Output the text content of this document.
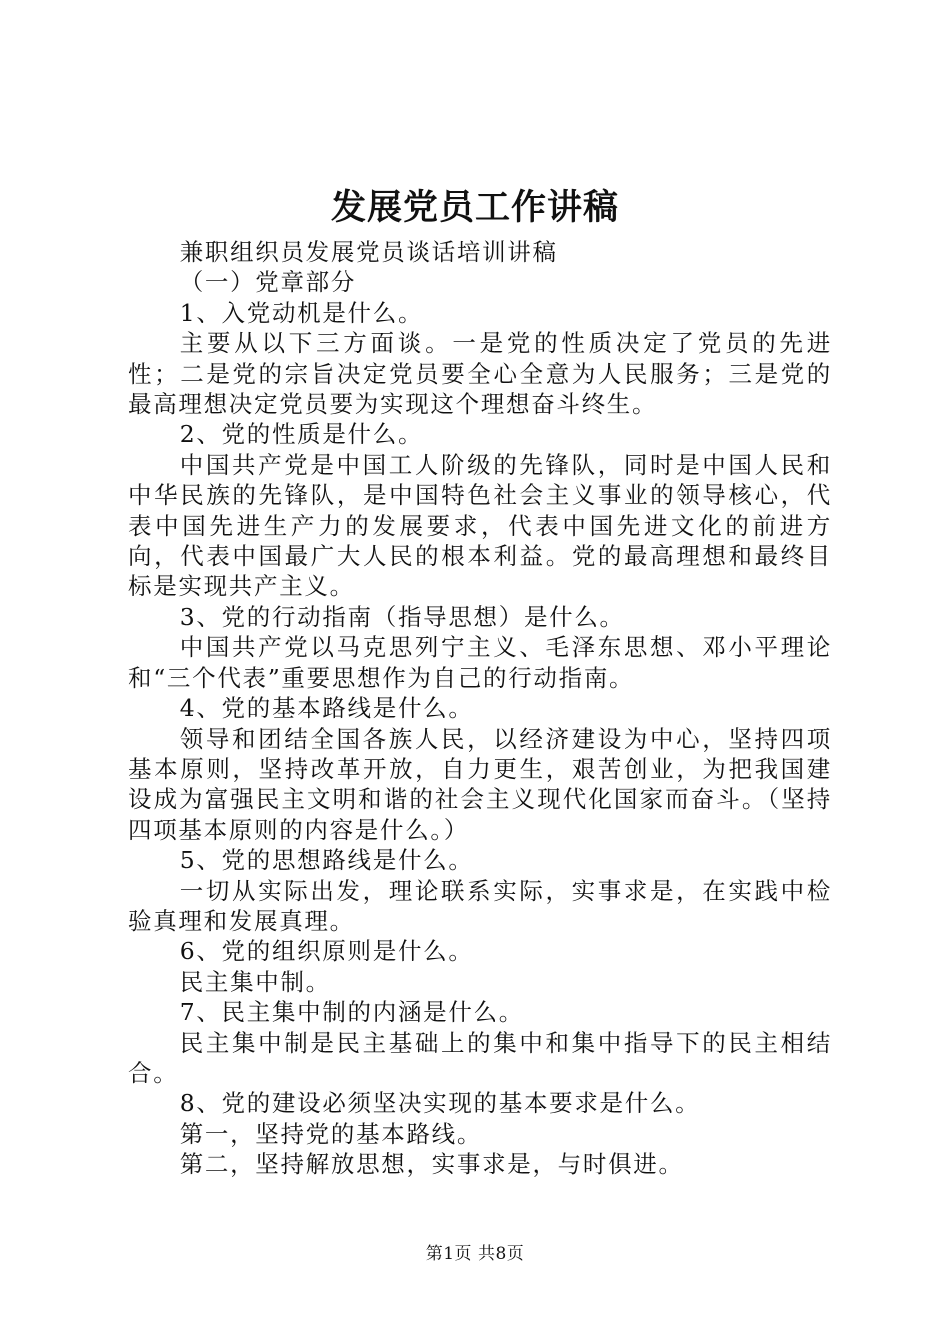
发展党员工作讲稿

兼职组织员发展党员谈话培训讲稿

（一）党章部分

1、入党动机是什么。

主要从以下三方面谈。一是党的性质决定了党员的先进性；二是党的宗旨决定党员要全心全意为人民服务；三是党的最高理想决定党员要为实现这个理想奋斗终生。

2、党的性质是什么。

中国共产党是中国工人阶级的先锋队，同时是中国人民和中华民族的先锋队，是中国特色社会主义事业的领导核心，代表中国先进生产力的发展要求，代表中国先进文化的前进方向，代表中国最广大人民的根本利益。党的最高理想和最终目标是实现共产主义。

3、党的行动指南（指导思想）是什么。

中国共产党以马克思列宁主义、毛泽东思想、邓小平理论和“三个代表”重要思想作为自己的行动指南。

4、党的基本路线是什么。

领导和团结全国各族人民，以经济建设为中心，坚持四项基本原则，坚持改革开放，自力更生，艰苦创业，为把我国建设成为富强民主文明和谐的社会主义现代化国家而奋斗。（坚持四项基本原则的内容是什么。）

5、党的思想路线是什么。

一切从实际出发，理论联系实际，实事求是，在实践中检验真理和发展真理。

6、党的组织原则是什么。

民主集中制。

7、民主集中制的内涵是什么。

民主集中制是民主基础上的集中和集中指导下的民主相结合。

8、党的建设必须坚决实现的基本要求是什么。

第一，坚持党的基本路线。

第二，坚持解放思想，实事求是，与时俱进。

第1页 共8页
